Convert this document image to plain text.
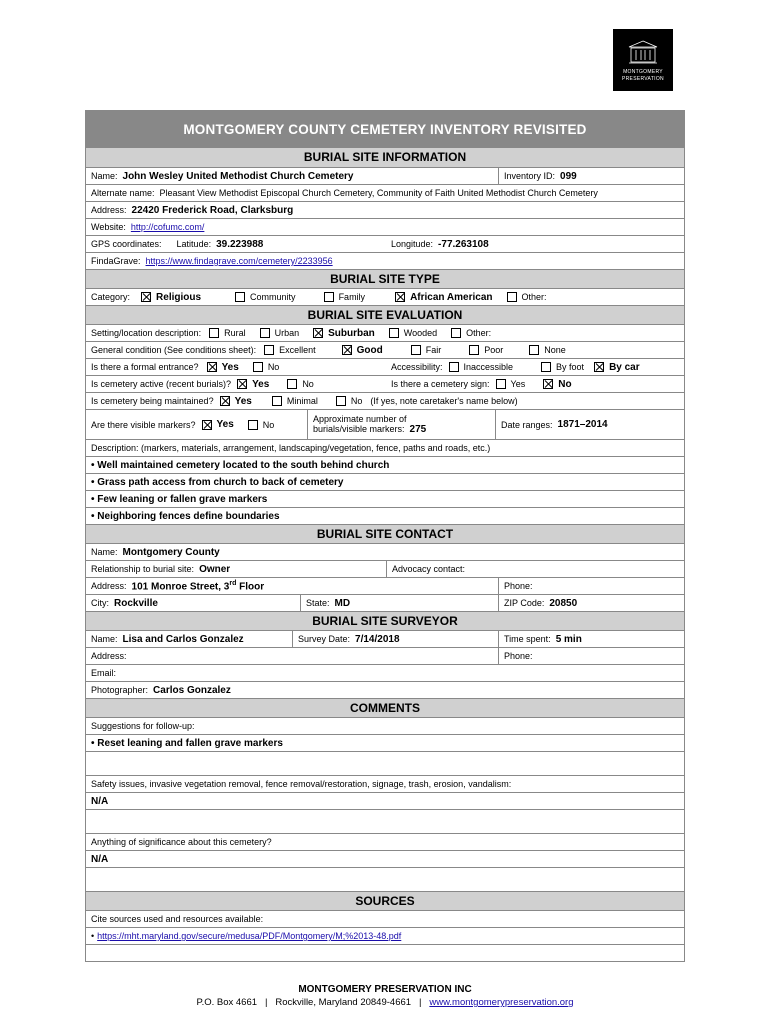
MONTGOMERY
PRESERVATION
MONTGOMERY COUNTY CEMETERY INVENTORY REVISITED
BURIAL SITE INFORMATION
Name: John Wesley United Methodist Church Cemetery	Inventory ID: 099
Alternate name: Pleasant View Methodist Episcopal Church Cemetery, Community of Faith United Methodist Church Cemetery
Address: 22420 Frederick Road, Clarksburg
Website: http://cofumc.com/
GPS coordinates: Latitude: 39.223988	Longitude: -77.263108
FindaGrave: https://www.findagrave.com/cemetery/2233956
BURIAL SITE TYPE
Category:	Religious	Community	Family	African American	Other:
BURIAL SITE EVALUATION
Setting/location description:	Rural	Urban	Suburban	Wooded	Other:
General condition (See conditions sheet):	Excellent	Good	Fair	Poor	None
Is there a formal entrance? Yes	No	Accessibility: Inaccessible	By foot	By car
Is cemetery active (recent burials)? Yes	No	Is there a cemetery sign: Yes	No
Is cemetery being maintained? Yes	Minimal	No (If yes, note caretaker's name below)
Are there visible markers? Yes	No
Approximate number of
burials/visible markers: 275	Date ranges: 1871–2014
Description: (markers, materials, arrangement, landscaping/vegetation, fence, paths and roads, etc.)
• Well maintained cemetery located to the south behind church
• Grass path access from church to back of cemetery
• Few leaning or fallen grave markers
• Neighboring fences define boundaries
BURIAL SITE CONTACT
Name: Montgomery County
Relationship to burial site: Owner	Advocacy contact:
Address: 101 Monroe Street, 3rd Floor	Phone:
City: Rockville	State: MD	ZIP Code: 20850
BURIAL SITE SURVEYOR
Name: Lisa and Carlos Gonzalez	Survey Date: 7/14/2018	Time spent: 5 min
Address:	Phone:
Email:
Photographer: Carlos Gonzalez
COMMENTS
Suggestions for follow-up:
• Reset leaning and fallen grave markers
Safety issues, invasive vegetation removal, fence removal/restoration, signage, trash, erosion, vandalism:
N/A
Anything of significance about this cemetery?
N/A
SOURCES
Cite sources used and resources available:
• https://mht.maryland.gov/secure/medusa/PDF/Montgomery/M;%2013-48.pdf
MONTGOMERY PRESERVATION INC
P.O. Box 4661   |   Rockville, Maryland 20849-4661   |   www.montgomerypreservation.org
